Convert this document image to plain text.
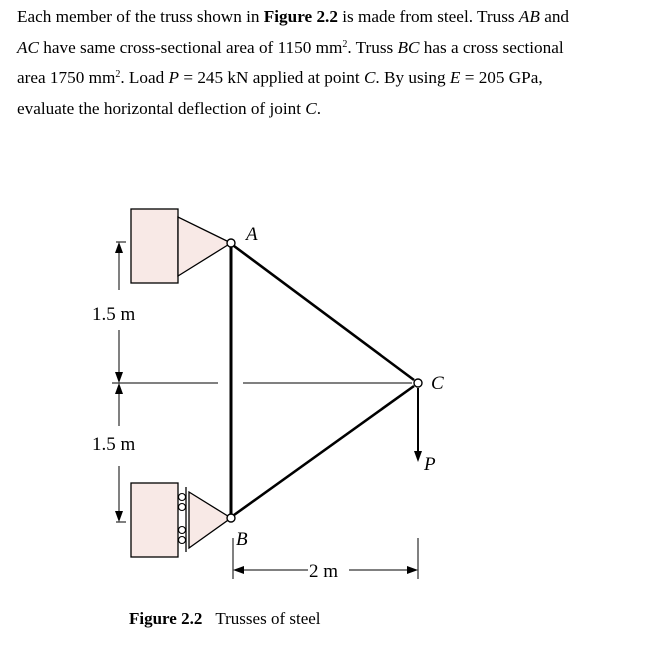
Each member of the truss shown in Figure 2.2 is made from steel. Truss AB and
AC have same cross-sectional area of 1150 $mm^2$. Truss BC has a cross sectional
area 1750 $mm^2$. Load P = 245 kN applied at point C. By using E = 205 GPa,
evaluate the horizontal deflection of joint C.
A
B
C
P
1.5 m
1.5 m
2 m
Figure 2.2 Trusses of steel
